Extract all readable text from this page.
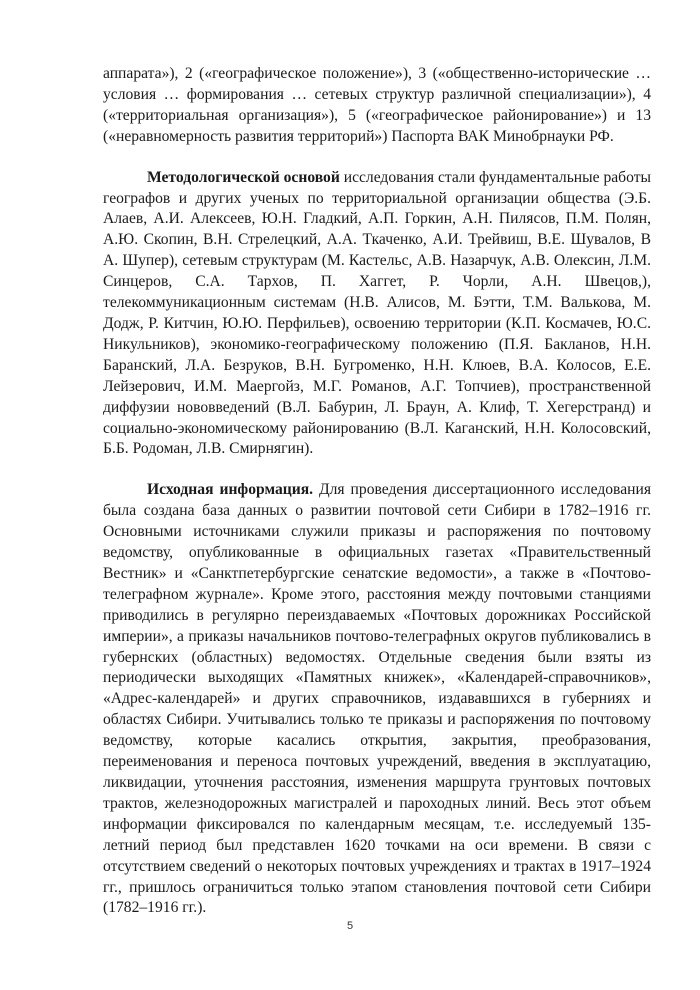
аппарата»), 2 («географическое положение»), 3 («общественно-исторические … условия … формирования … сетевых структур различной специализации»), 4 («территориальная организация»), 5 («географическое районирование») и 13 («неравномерность развития территорий») Паспорта ВАК Минобрнауки РФ.

Методологической основой исследования стали фундаментальные работы географов и других ученых по территориальной организации общества (Э.Б. Алаев, А.И. Алексеев, Ю.Н. Гладкий, А.П. Горкин, А.Н. Пилясов, П.М. Полян, А.Ю. Скопин, В.Н. Стрелецкий, А.А. Ткаченко, А.И. Трейвиш, В.Е. Шувалов, В А. Шупер), сетевым структурам (М. Кастельс, А.В. Назарчук, А.В. Олексин, Л.М. Синцеров, С.А. Тархов, П. Хаггет, Р. Чорли, А.Н. Швецов,), телекоммуникационным системам (Н.В. Алисов, М. Бэтти, Т.М. Валькова, М. Додж, Р. Китчин, Ю.Ю. Перфильев), освоению территории (К.П. Космачев, Ю.С. Никульников), экономико-географическому положению (П.Я. Бакланов, Н.Н. Баранский, Л.А. Безруков, В.Н. Бугроменко, Н.Н. Клюев, В.А. Колосов, Е.Е. Лейзерович, И.М. Маергойз, М.Г. Романов, А.Г. Топчиев), пространственной диффузии нововведений (В.Л. Бабурин, Л. Браун, А. Клиф, Т. Хегерстранд) и социально-экономическому районированию (В.Л. Каганский, Н.Н. Колосовский, Б.Б. Родоман, Л.В. Смирнягин).

Исходная информация. Для проведения диссертационного исследования была создана база данных о развитии почтовой сети Сибири в 1782–1916 гг. Основными источниками служили приказы и распоряжения по почтовому ведомству, опубликованные в официальных газетах «Правительственный Вестник» и «Санктпетербургские сенатские ведомости», а также в «Почтово-телеграфном журнале». Кроме этого, расстояния между почтовыми станциями приводились в регулярно переиздаваемых «Почтовых дорожниках Российской империи», а приказы начальников почтово-телеграфных округов публиковались в губернских (областных) ведомостях. Отдельные сведения были взяты из периодически выходящих «Памятных книжек», «Календарей-справочников», «Адрес-календарей» и других справочников, издававшихся в губерниях и областях Сибири. Учитывались только те приказы и распоряжения по почтовому ведомству, которые касались открытия, закрытия, преобразования, переименования и переноса почтовых учреждений, введения в эксплуатацию, ликвидации, уточнения расстояния, изменения маршрута грунтовых почтовых трактов, железнодорожных магистралей и пароходных линий. Весь этот объем информации фиксировался по календарным месяцам, т.е. исследуемый 135-летний период был представлен 1620 точками на оси времени. В связи с отсутствием сведений о некоторых почтовых учреждениях и трактах в 1917–1924 гг., пришлось ограничиться только этапом становления почтовой сети Сибири (1782–1916 гг.).

5
